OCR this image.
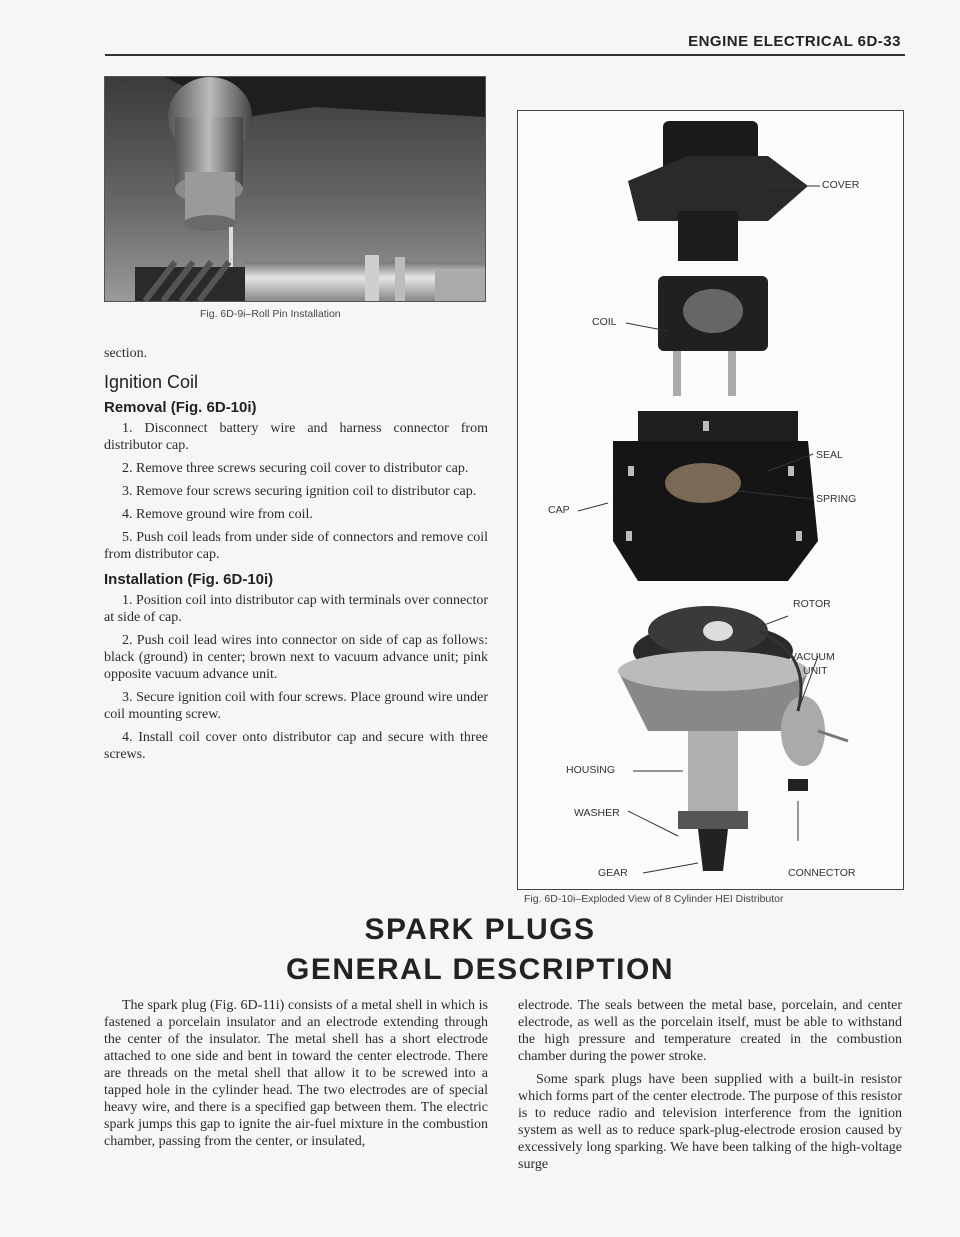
ENGINE ELECTRICAL 6D-33
Fig. 6D-9i–Roll Pin Installation
COVER
COIL
SEAL
CAP
SPRING
ROTOR
VACUUM
UNIT
HOUSING
WASHER
GEAR	CONNECTOR
Fig. 6D-10i–Exploded View of 8 Cylinder HEI Distributor
section.
Ignition Coil
Removal (Fig. 6D-10i)
1. Disconnect battery wire and harness connector from distributor cap.
2. Remove three screws securing coil cover to distributor cap.
3. Remove four screws securing ignition coil to distributor cap.
4. Remove ground wire from coil.
5. Push coil leads from under side of connectors and remove coil from distributor cap.
Installation (Fig. 6D-10i)
1. Position coil into distributor cap with terminals over connector at side of cap.
2. Push coil lead wires into connector on side of cap as follows: black (ground) in center; brown next to vacuum advance unit; pink opposite vacuum advance unit.
3. Secure ignition coil with four screws. Place ground wire under coil mounting screw.
4. Install coil cover onto distributor cap and secure with three screws.
SPARK PLUGS
GENERAL DESCRIPTION
The spark plug (Fig. 6D-11i) consists of a metal shell in which is fastened a porcelain insulator and an electrode extending through the center of the insulator. The metal shell has a short electrode attached to one side and bent in toward the center electrode. There are threads on the metal shell that allow it to be screwed into a tapped hole in the cylinder head. The two electrodes are of special heavy wire, and there is a specified gap between them. The electric spark jumps this gap to ignite the air-fuel mixture in the combustion chamber, passing from the center, or insulated,
electrode. The seals between the metal base, porcelain, and center electrode, as well as the porcelain itself, must be able to withstand the high pressure and temperature created in the combustion chamber during the power stroke.
Some spark plugs have been supplied with a built-in resistor which forms part of the center electrode. The purpose of this resistor is to reduce radio and television interference from the ignition system as well as to reduce spark-plug-electrode erosion caused by excessively long sparking. We have been talking of the high-voltage surge
